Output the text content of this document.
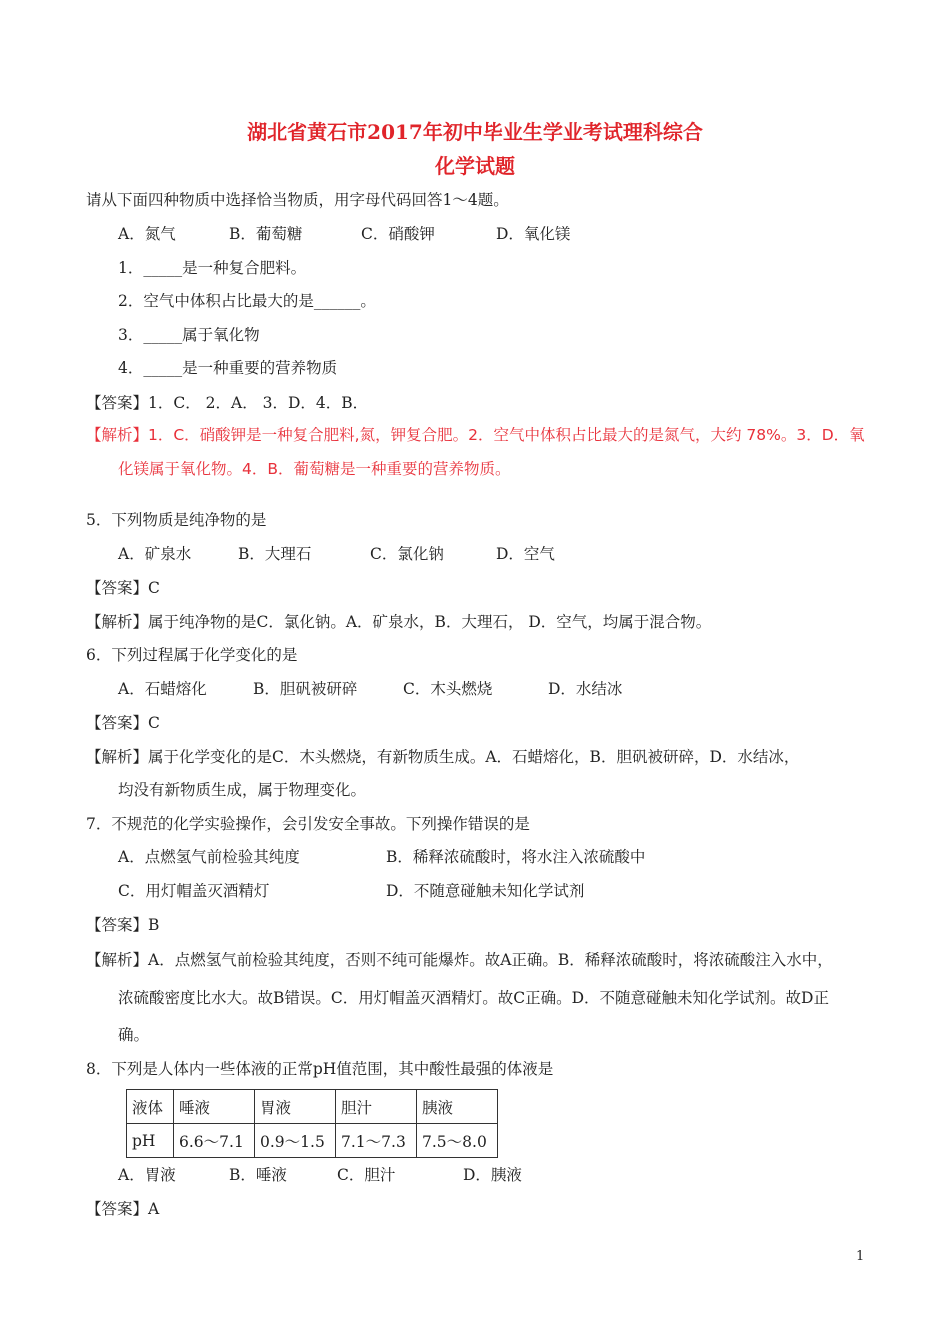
湖北省黄石市2017年初中毕业生学业考试理科综合
化学试题
请从下面四种物质中选择恰当物质，用字母代码回答1～4题。
A．氮气	B．葡萄糖	C．硝酸钾	D．氧化镁
1．_____是一种复合肥料。
2．空气中体积占比最大的是______。
3．_____属于氧化物
4．_____是一种重要的营养物质
【答案】1．C． 2．A． 3．D．4．B．
【解析】1．C．硝酸钾是一种复合肥料,氮，钾复合肥。2．空气中体积占比最大的是氮气，大约 78%。3．D．氧
化镁属于氧化物。4．B．葡萄糖是一种重要的营养物质。
5．下列物质是纯净物的是
A．矿泉水	B．大理石	C．氯化钠	D．空气
【答案】C
【解析】属于纯净物的是C．氯化钠。A．矿泉水，B．大理石， D．空气，均属于混合物。
6．下列过程属于化学变化的是
A．石蜡熔化	B．胆矾被研碎	C．木头燃烧	D．水结冰
【答案】C
【解析】属于化学变化的是C．木头燃烧，有新物质生成。A．石蜡熔化，B．胆矾被研碎，D．水结冰，
均没有新物质生成，属于物理变化。
7．不规范的化学实验操作，会引发安全事故。下列操作错误的是
A．点燃氢气前检验其纯度	B．稀释浓硫酸时，将水注入浓硫酸中
C．用灯帽盖灭酒精灯	D．不随意碰触未知化学试剂
【答案】B
【解析】A．点燃氢气前检验其纯度，否则不纯可能爆炸。故A正确。B．稀释浓硫酸时，将浓硫酸注入水中，
浓硫酸密度比水大。故B错误。C．用灯帽盖灭酒精灯。故C正确。D．不随意碰触未知化学试剂。故D正
确。
8．下列是人体内一些体液的正常pH值范围，其中酸性最强的体液是
液体	唾液	胃液	胆汁	胰液
pH	6.6～7.1	0.9～1.5	7.1～7.3	7.5～8.0
A．胃液	B．唾液	C．胆汁	D．胰液
【答案】A
1
